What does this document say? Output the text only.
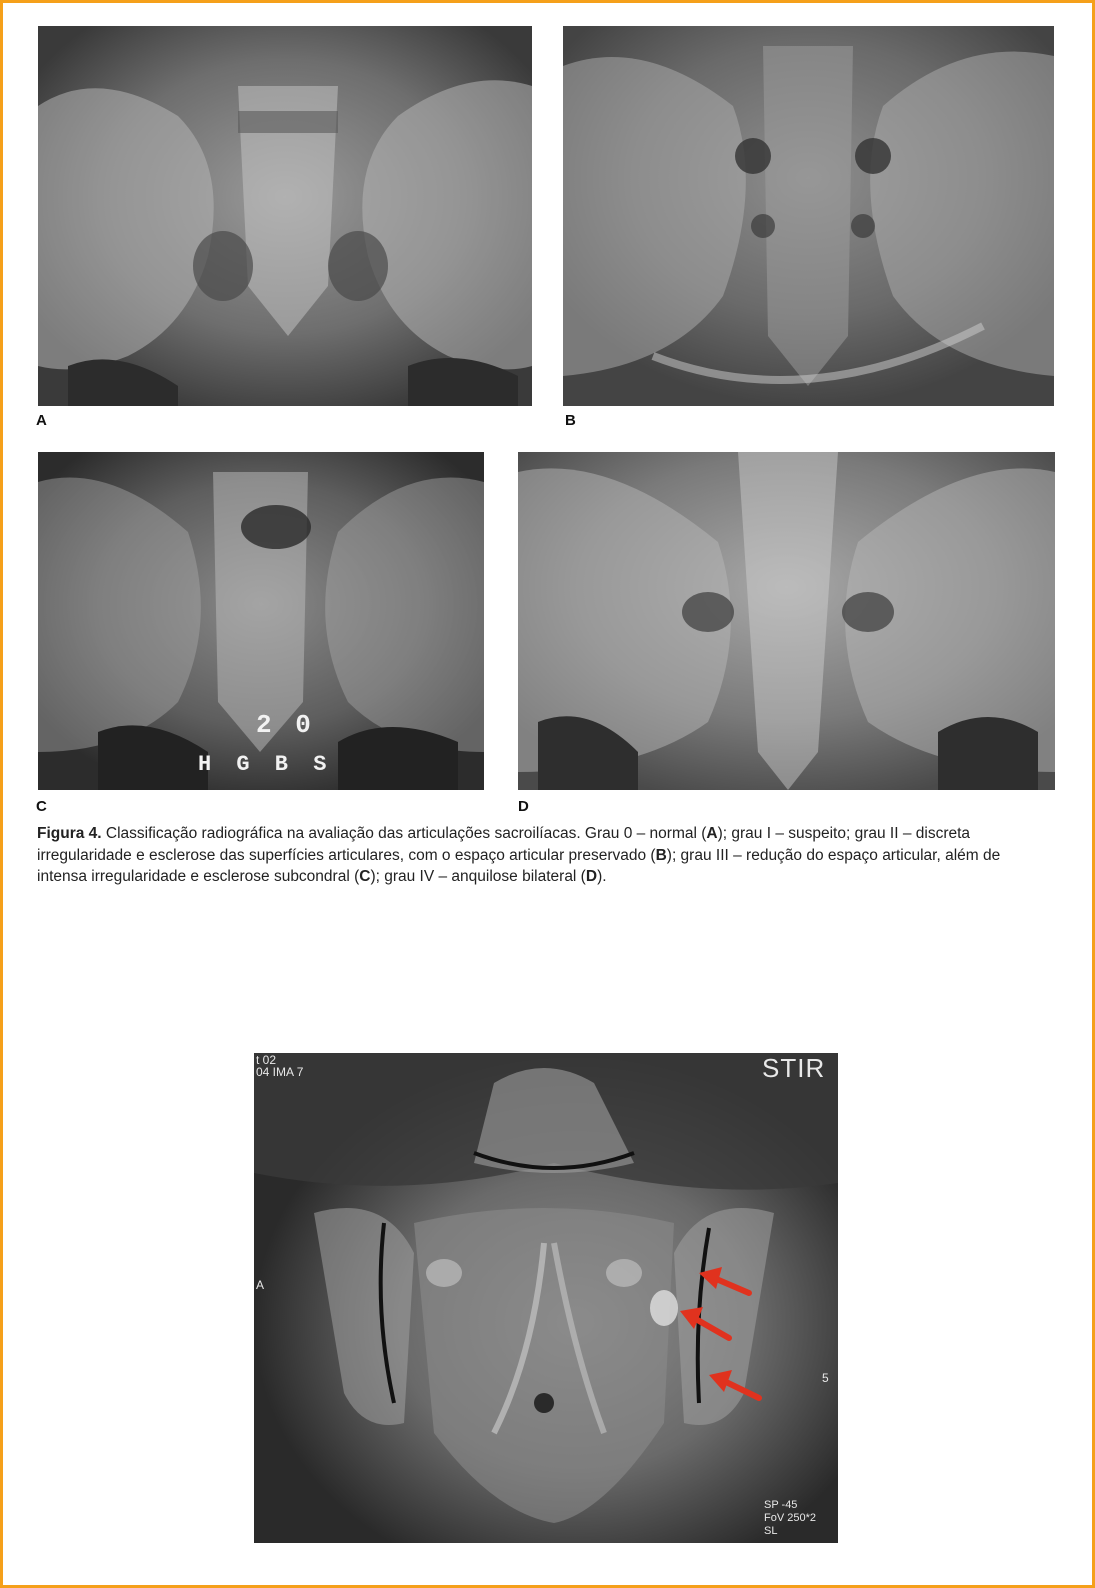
A	B
2 0
H G B S
C	D
Figura 4. Classificação radiográfica na avaliação das articulações sacroilíacas. Grau 0 – normal (A); grau I – suspeito; grau II – discreta irregularidade e esclerose das superfícies articulares, com o espaço articular preservado (B); grau III – redução do espaço articular, além de intensa irregularidade e esclerose subcondral (C); grau IV – anquilose bilateral (D).
t 02
04 IMA 7	STIR
A
5
SP -45
FoV 250*2
SL
